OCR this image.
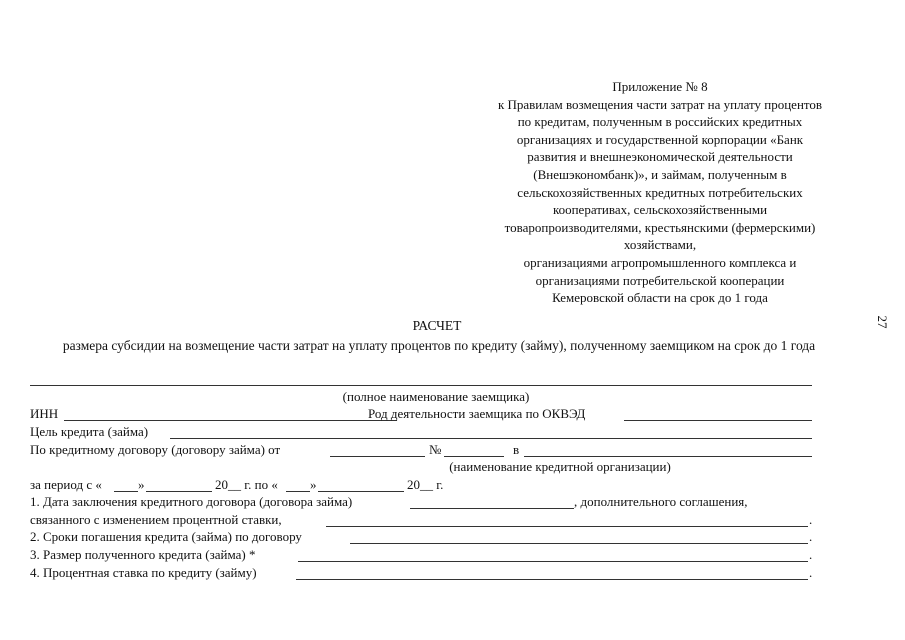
Приложение № 8
к Правилам возмещения части затрат на уплату процентов
по кредитам, полученным в российских кредитных
организациях и государственной корпорации «Банк
развития и внешнеэкономической деятельности
(Внешэкономбанк)», и займам, полученным в
сельскохозяйственных кредитных потребительских
кооперативах, сельскохозяйственными
товаропроизводителями, крестьянскими (фермерскими)
хозяйствами,
организациями агропромышленного комплекса и
организациями потребительской кооперации
Кемеровской области на срок до 1 года
27
РАСЧЕТ
размера субсидии на возмещение части затрат на уплату процентов по кредиту (займу), полученному заемщиком на срок до 1 года
(полное наименование заемщика)
ИНН	Род деятельности заемщика по ОКВЭД
Цель кредита (займа)
По кредитному договору (договору займа) от	№	в
(наименование кредитной организации)
за период с «	»	20__ г. по « »	20__ г.
1. Дата заключения кредитного договора (договора займа)	, дополнительного соглашения,
связанного с изменением процентной ставки,	.
2. Сроки погашения кредита (займа) по договору	.
3. Размер полученного кредита (займа) *	.
4. Процентная ставка по кредиту (займу)	.
